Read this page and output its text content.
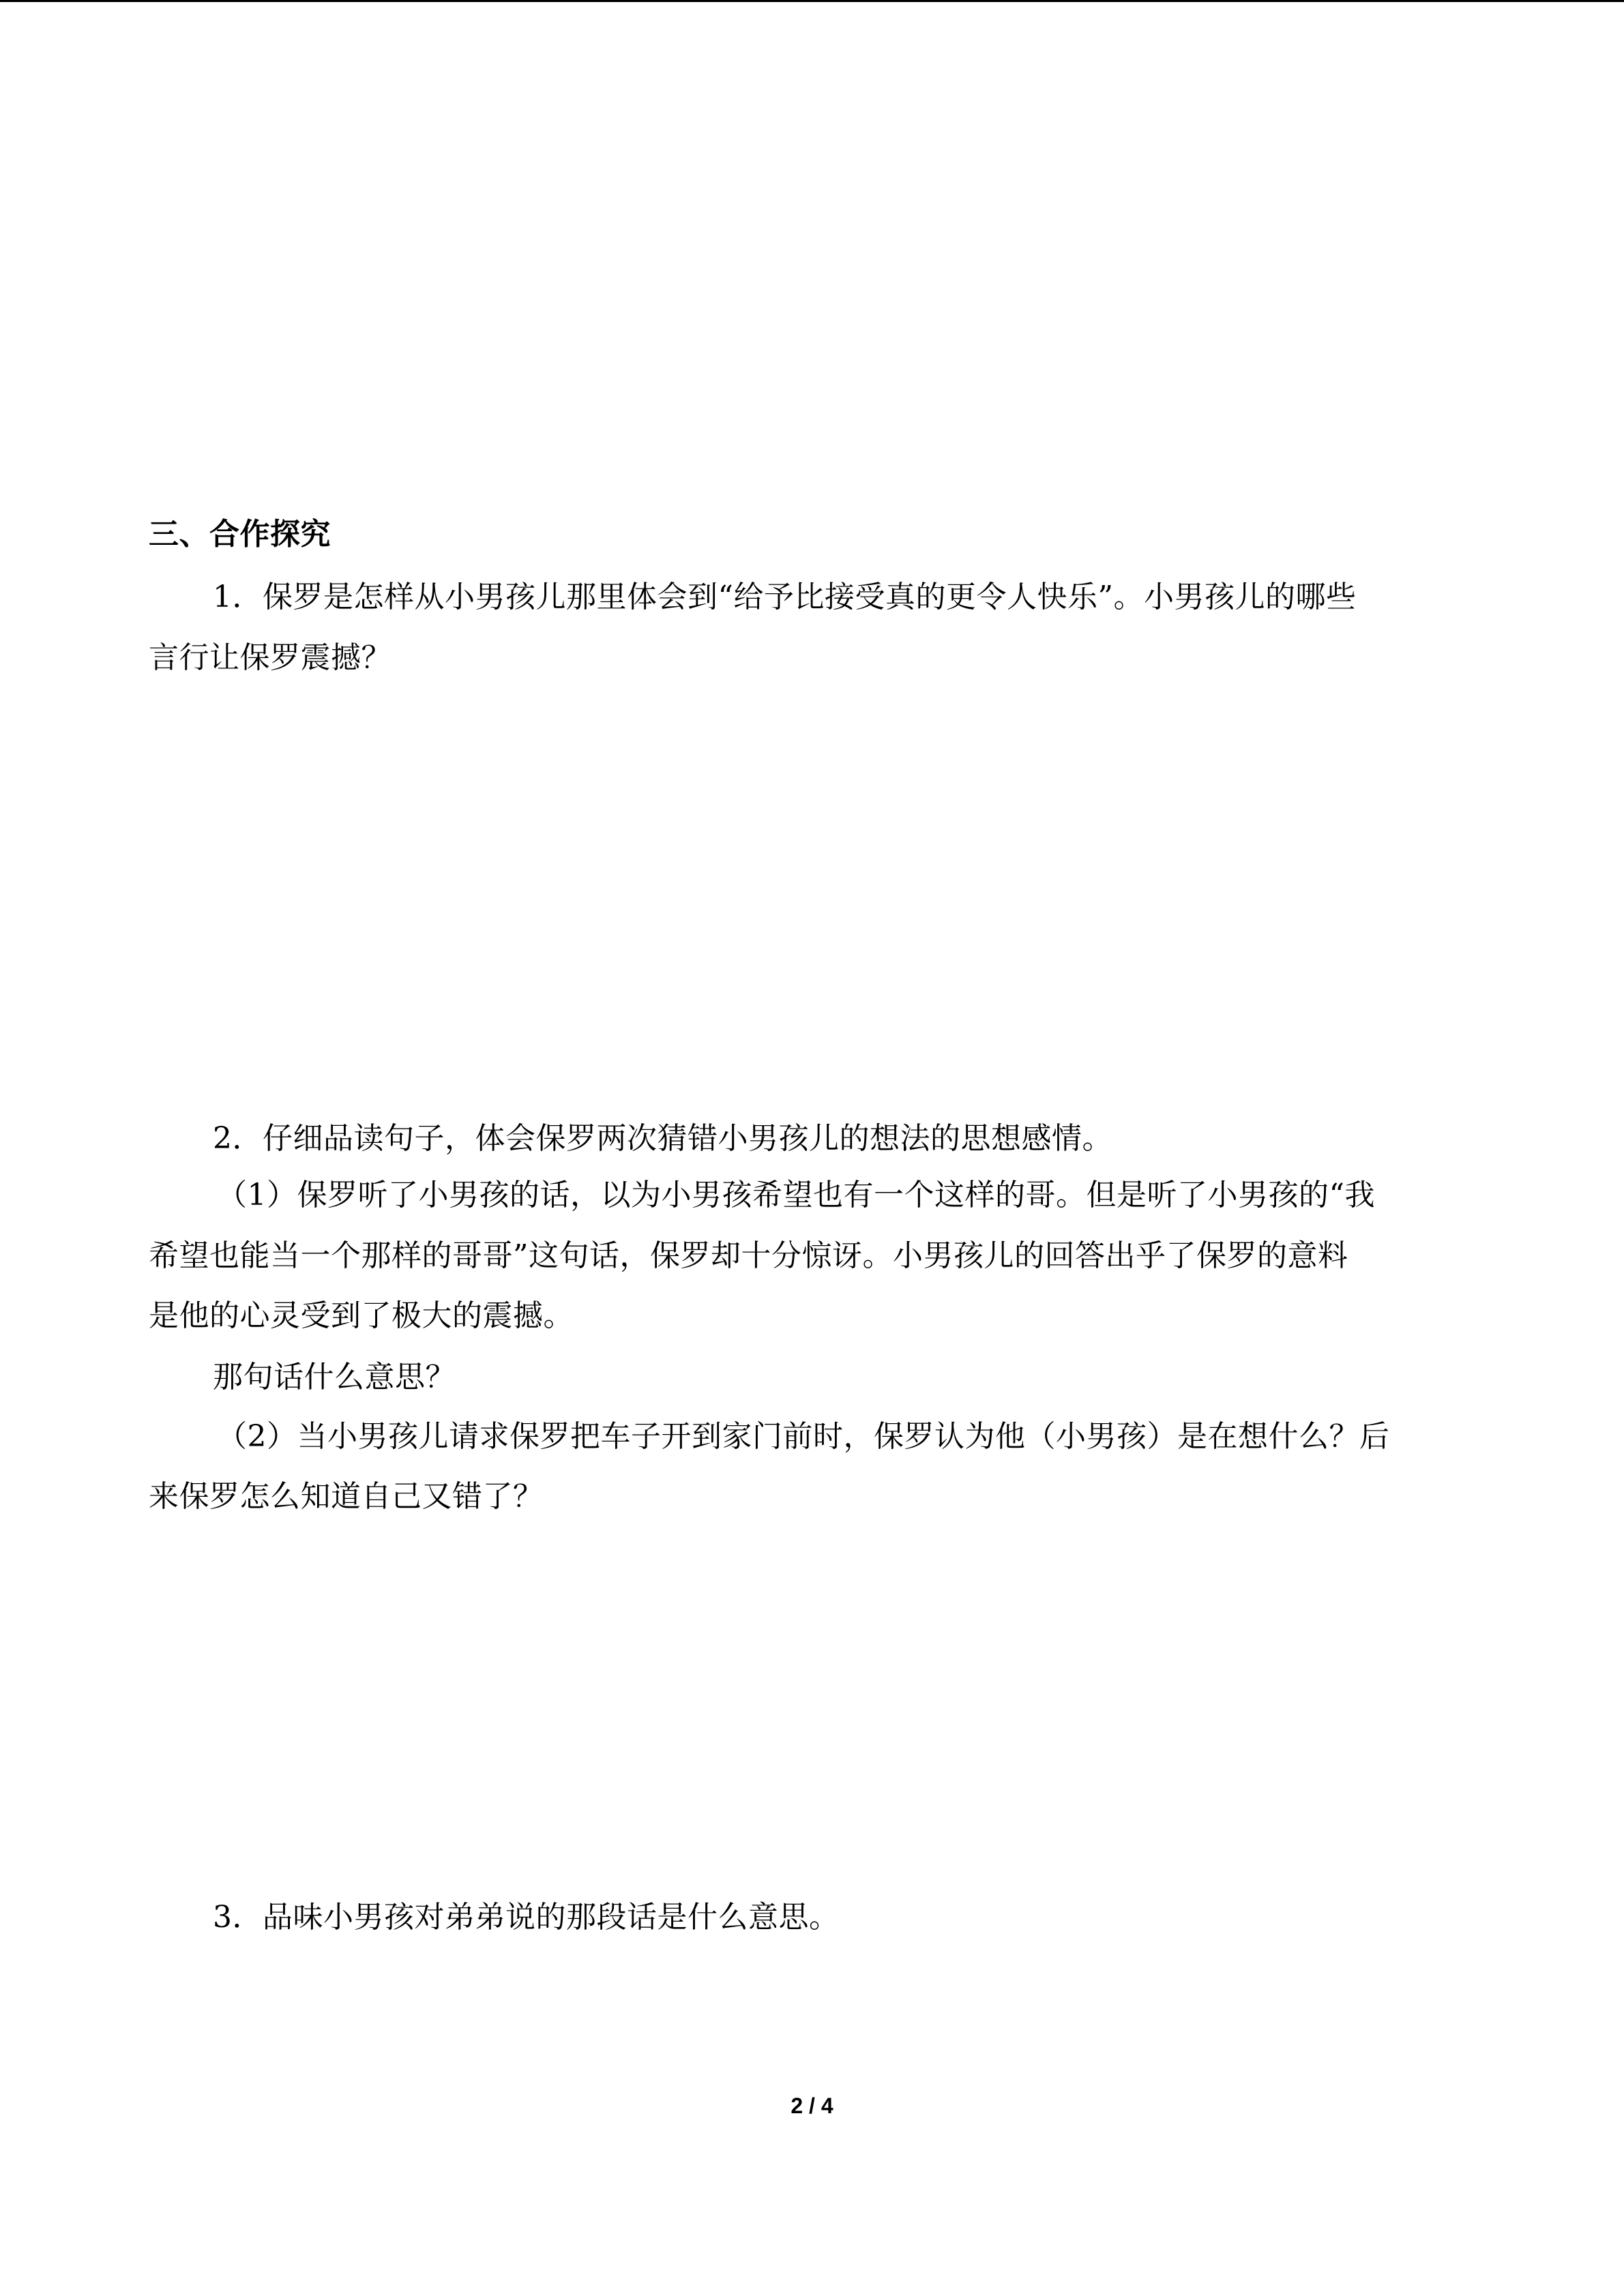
三、合作探究
1．保罗是怎样从小男孩儿那里体会到“给予比接受真的更令人快乐”。小男孩儿的哪些
言行让保罗震撼？
2．仔细品读句子，体会保罗两次猜错小男孩儿的想法的思想感情。
（1）保罗听了小男孩的话，以为小男孩希望也有一个这样的哥。但是听了小男孩的“我
希望也能当一个那样的哥哥”这句话，保罗却十分惊讶。小男孩儿的回答出乎了保罗的意料
是他的心灵受到了极大的震撼。
那句话什么意思？
（2）当小男孩儿请求保罗把车子开到家门前时，保罗认为他（小男孩）是在想什么？后
来保罗怎么知道自己又错了？
3．品味小男孩对弟弟说的那段话是什么意思。
2 / 4
